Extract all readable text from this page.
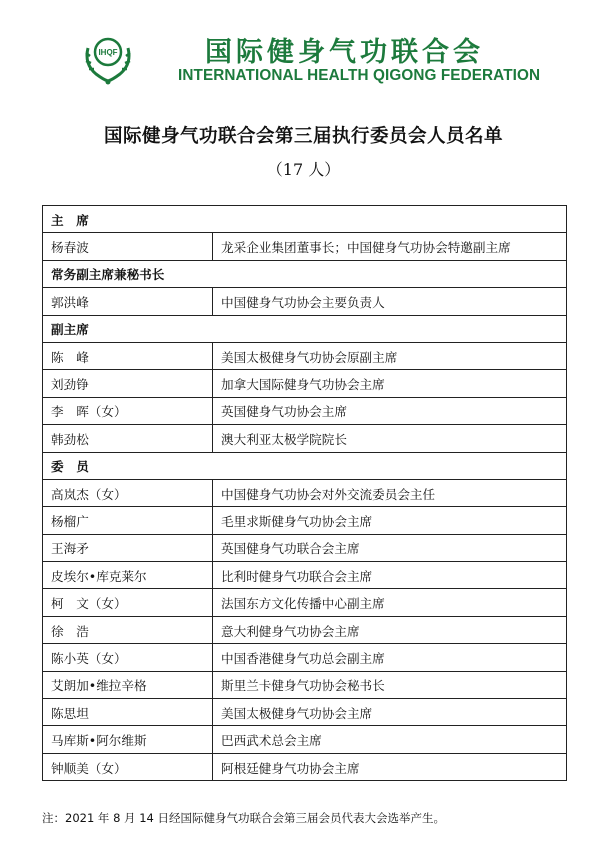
IHQF	国际健身气功联合会
INTERNATIONAL HEALTH QIGONG FEDERATION
国际健身气功联合会第三届执行委员会人员名单
（17 人）
主　席	
杨春波	龙采企业集团董事长；中国健身气功协会特邀副主席
常务副主席兼秘书长	
郭洪峰	中国健身气功协会主要负责人
副主席	
陈　峰	美国太极健身气功协会原副主席
刘劲铮	加拿大国际健身气功协会主席
李　晖（女）	英国健身气功协会主席
韩劲松	澳大利亚太极学院院长
委　员	
高岚杰（女）	中国健身气功协会对外交流委员会主任
杨榴广	毛里求斯健身气功协会主席
王海矛	英国健身气功联合会主席
皮埃尔•库克莱尔	比利时健身气功联合会主席
柯　文（女）	法国东方文化传播中心副主席
徐　浩	意大利健身气功协会主席
陈小英（女）	中国香港健身气功总会副主席
艾朗加•维拉辛格	斯里兰卡健身气功协会秘书长
陈思坦	美国太极健身气功协会主席
马库斯•阿尔维斯	巴西武术总会主席
钟顺美（女）	阿根廷健身气功协会主席
注：2021 年 8 月 14 日经国际健身气功联合会第三届会员代表大会选举产生。
